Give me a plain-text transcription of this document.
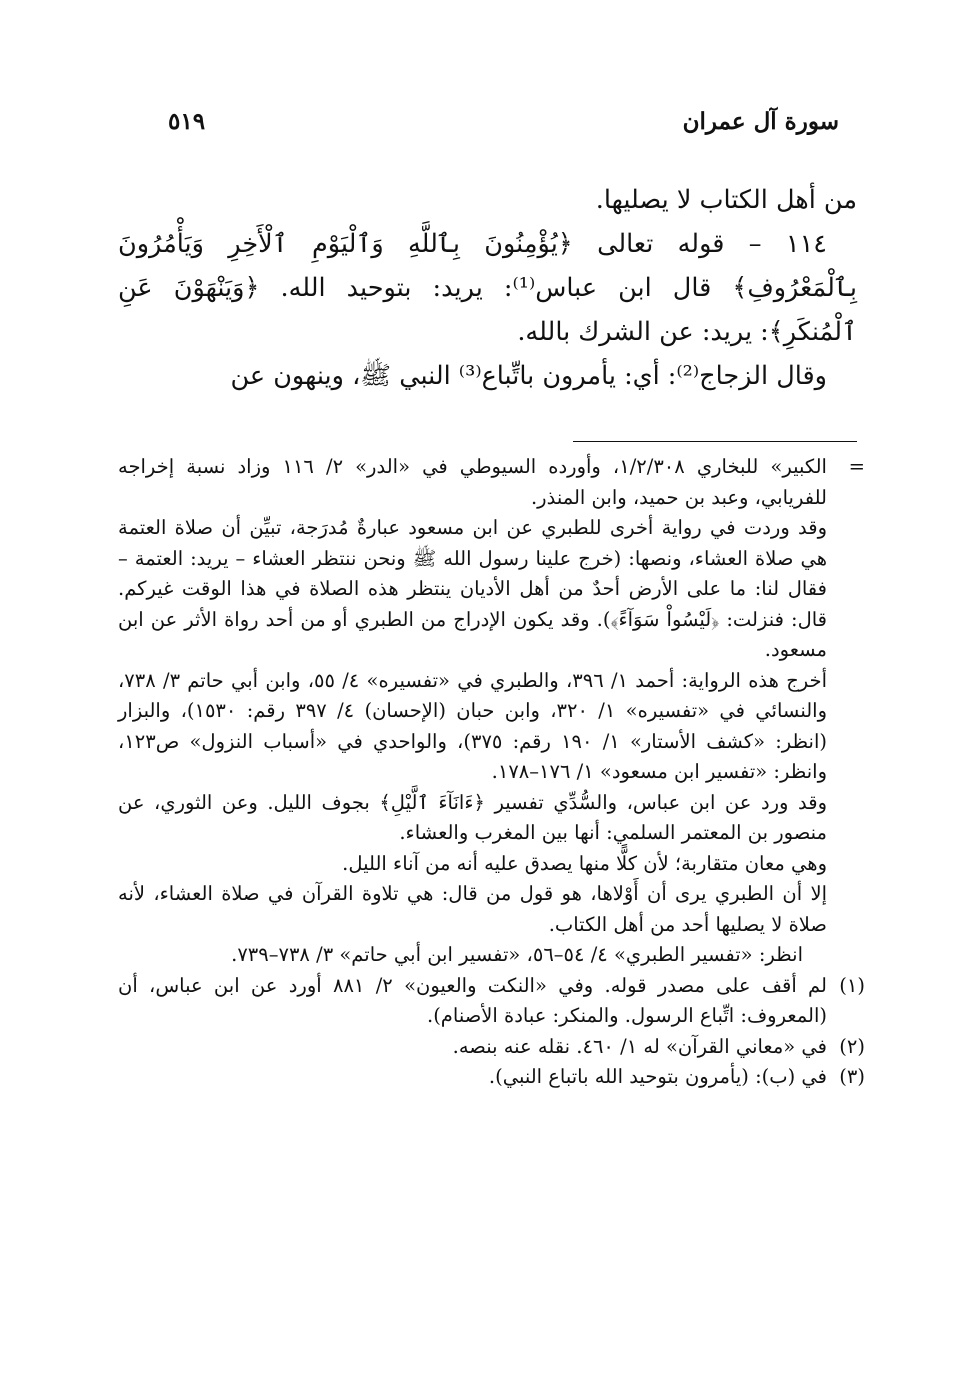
سورة آل عمران
٥١٩

من أهل الكتاب لا يصليها.

١١٤ – قوله تعالى ﴿يُؤْمِنُونَ بِٱللَّهِ وَٱلْيَوْمِ ٱلْأَخِرِ وَيَأْمُرُونَ بِٱلْمَعْرُوفِ﴾ قال ابن عباس⁽¹⁾: يريد: بتوحيد الله. ﴿وَيَنْهَوْنَ عَنِ ٱلْمُنكَرِ﴾: يريد: عن الشرك بالله.

وقال الزجاج⁽²⁾: أي: يأمرون باتِّباع⁽³⁾ النبي ﷺ، وينهون عن

=
الكبير» للبخاري ١/٢/٣٠٨، وأورده السيوطي في «الدر» ٢/ ١١٦ وزاد نسبة إخراجه للفريابي، وعبد بن حميد، وابن المنذر.

وقد وردت في رواية أخرى للطبري عن ابن مسعود عبارةٌ مُدرَجة، تبيِّن أن صلاة العتمة هي صلاة العشاء، ونصها: (خرج علينا رسول الله ﷺ ونحن ننتظر العشاء – يريد: العتمة – فقال لنا: ما على الأرض أحدٌ من أهل الأديان ينتظر هذه الصلاة في هذا الوقت غيركم. قال: فنزلت: ﴿لَيْسُواْ سَوَآءً﴾). وقد يكون الإدراج من الطبري أو من أحد رواة الأثر عن ابن مسعود.

أخرج هذه الرواية: أحمد ١/ ٣٩٦، والطبري في «تفسيره» ٤/ ٥٥، وابن أبي حاتم ٣/ ٧٣٨، والنسائي في «تفسيره» ١/ ٣٢٠، وابن حبان (الإحسان) ٤/ ٣٩٧ رقم: ١٥٣٠)، والبزار (انظر: «كشف الأستار» ١/ ١٩٠ رقم: ٣٧٥)، والواحدي في «أسباب النزول» ص١٢٣، وانظر: «تفسير ابن مسعود» ١/ ١٧٦–١٧٨.

وقد ورد عن ابن عباس، والسُّدِّي تفسير ﴿ءَانَآءَ ٱلَّيْلِ﴾ بجوف الليل. وعن الثوري، عن منصور بن المعتمر السلمي: أنها بين المغرب والعشاء.

وهي معان متقاربة؛ لأن كلًّا منها يصدق عليه أنه من آناء الليل.

إلا أن الطبري يرى أن أَوْلاها، هو قول من قال: هي تلاوة القرآن في صلاة العشاء، لأنه صلاة لا يصليها أحد من أهل الكتاب.

انظر: «تفسير الطبري» ٤/ ٥٤–٥٦، «تفسير ابن أبي حاتم» ٣/ ٧٣٨–٧٣٩.

(١)
لم أقف على مصدر قوله. وفي «النكت والعيون» ٢/ ٨٨١ أورد عن ابن عباس، أن (المعروف: اتِّباع الرسول. والمنكر: عبادة الأصنام).

(٢)
في «معاني القرآن» له ١/ ٤٦٠. نقله عنه بنصه.

(٣)
في (ب): (يأمرون بتوحيد الله باتباع النبي).
